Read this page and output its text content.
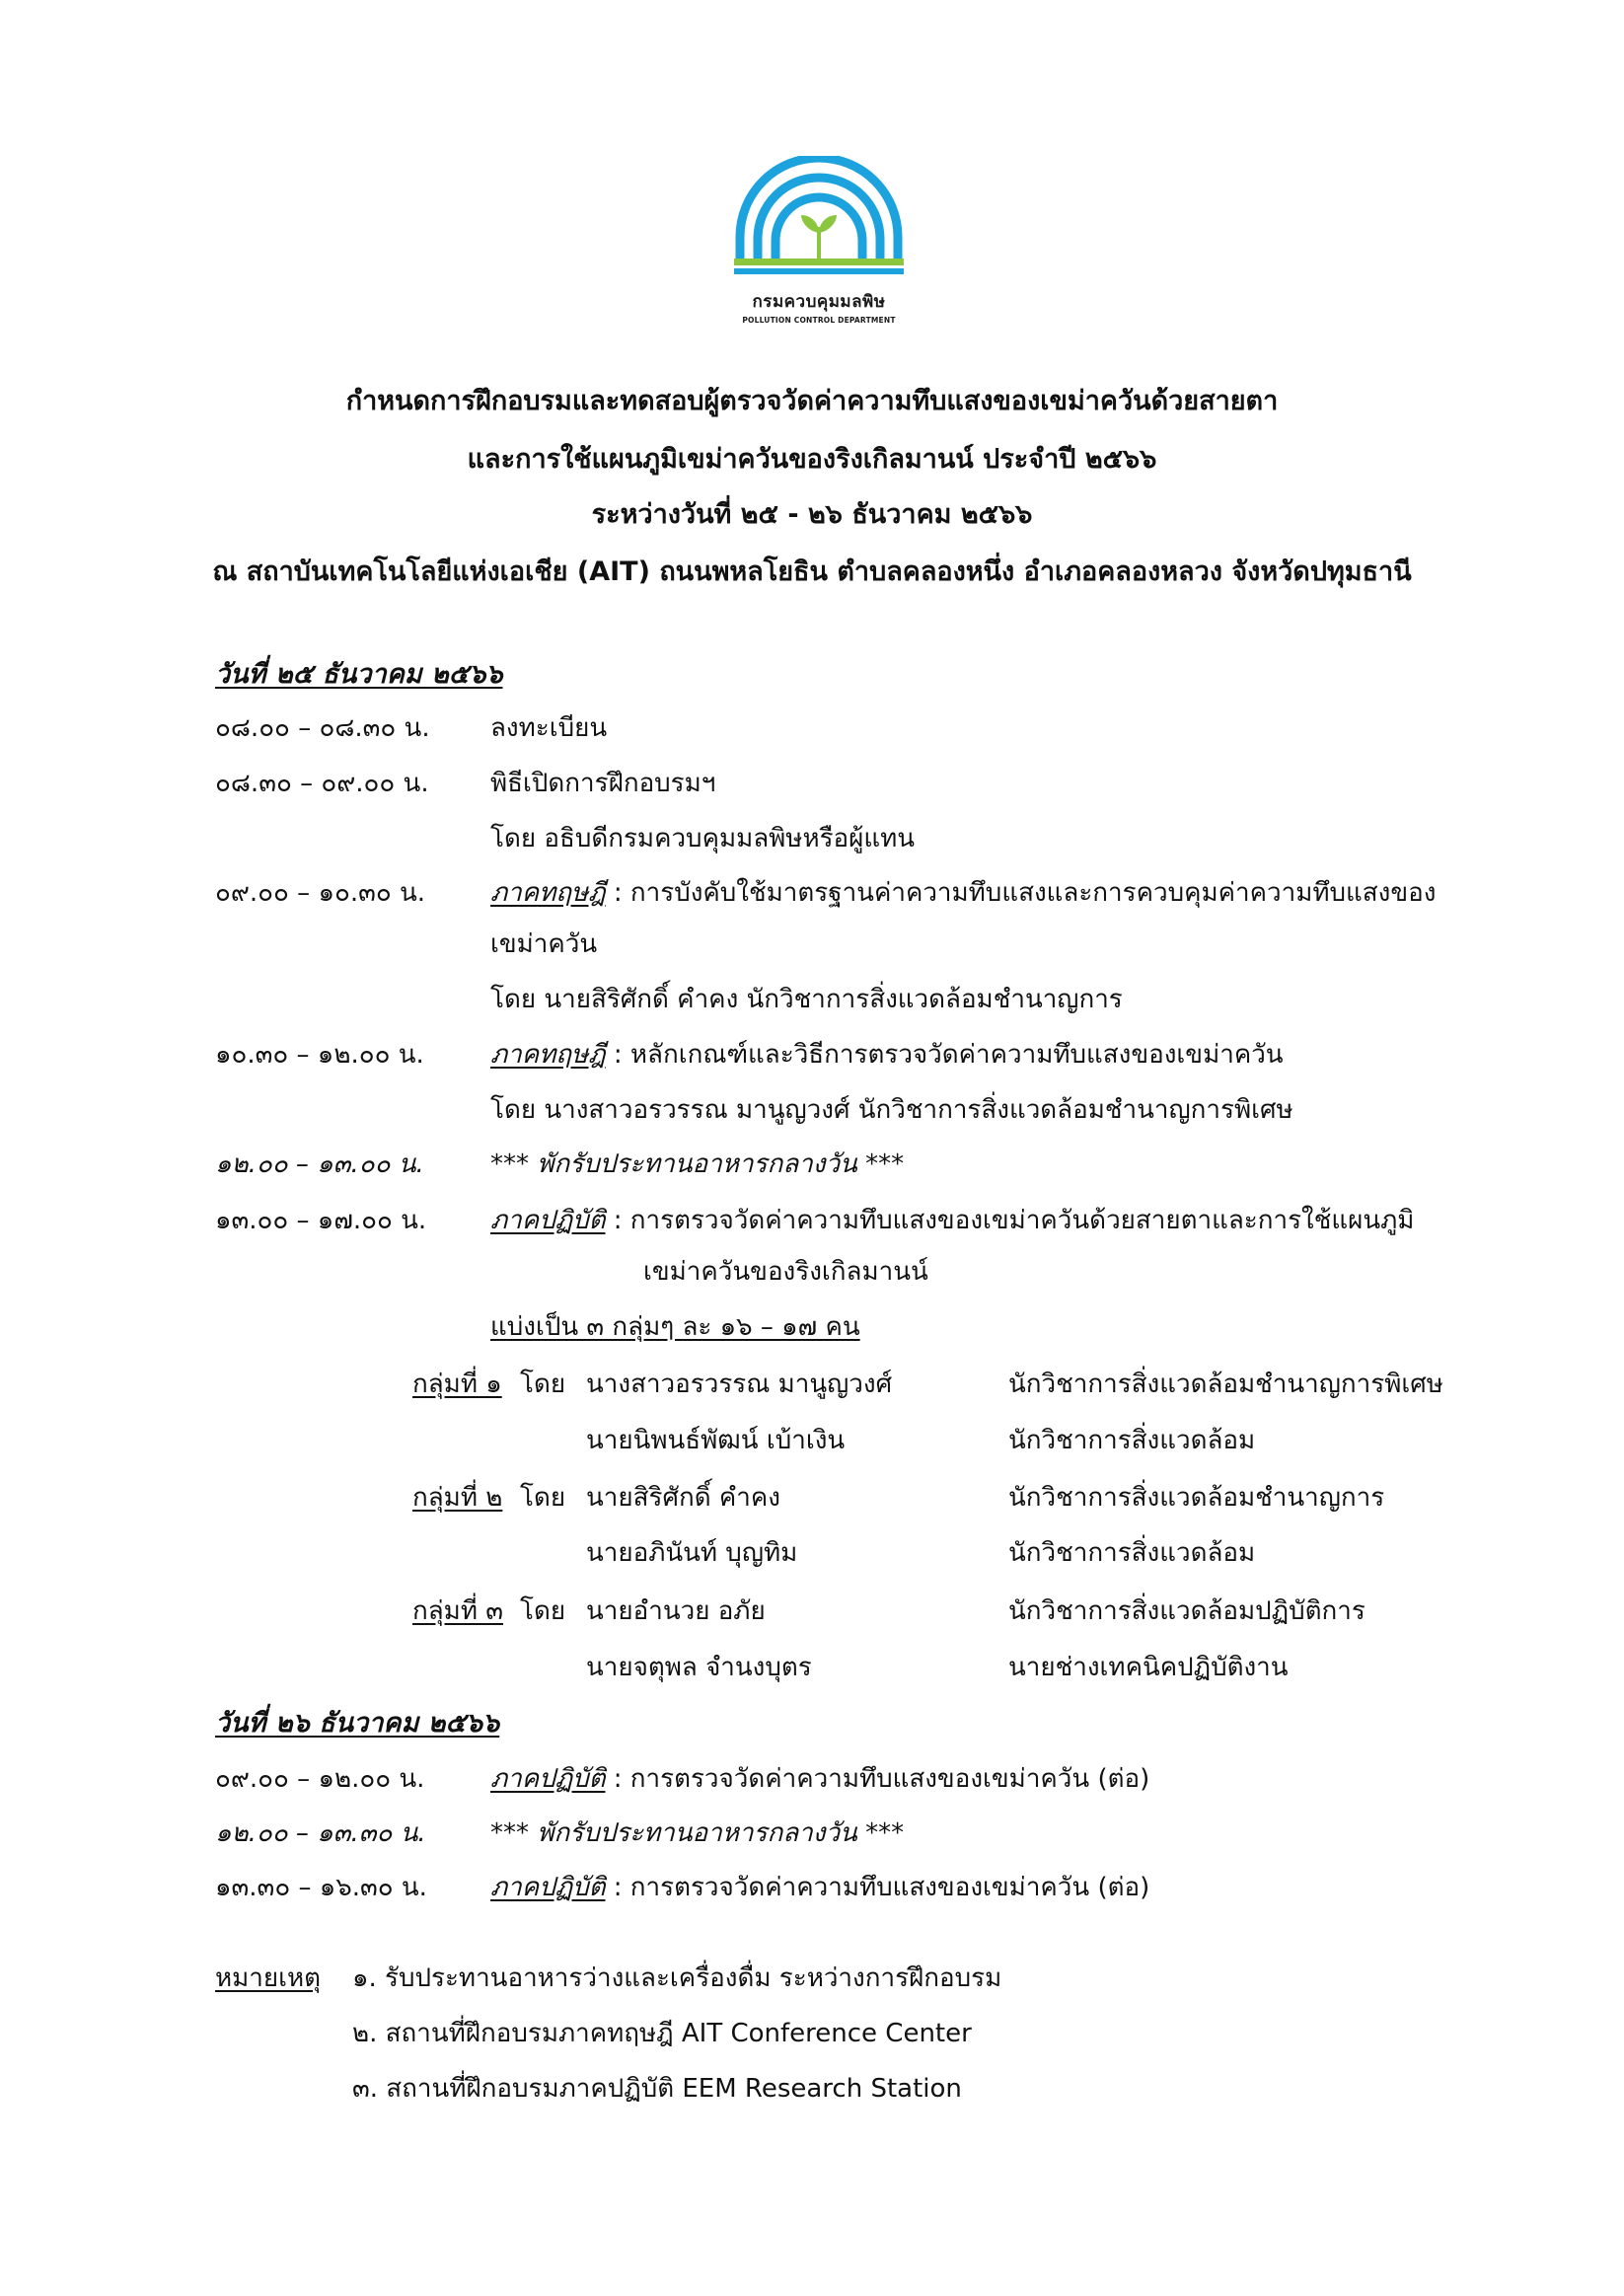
กรมควบคุมมลพิษ
POLLUTION CONTROL DEPARTMENT
กำหนดการฝึกอบรมและทดสอบผู้ตรวจวัดค่าความทึบแสงของเขม่าควันด้วยสายตา
และการใช้แผนภูมิเขม่าควันของริงเกิลมานน์ ประจำปี ๒๕๖๖
ระหว่างวันที่ ๒๕ - ๒๖ ธันวาคม ๒๕๖๖
ณ สถาบันเทคโนโลยีแห่งเอเชีย (AIT) ถนนพหลโยธิน ตำบลคลองหนึ่ง อำเภอคลองหลวง จังหวัดปทุมธานี
วันที่ ๒๕ ธันวาคม ๒๕๖๖
๐๘.๐๐ – ๐๘.๓๐ น. ลงทะเบียน
๐๘.๓๐ – ๐๙.๐๐ น. พิธีเปิดการฝึกอบรมฯ
โดย อธิบดีกรมควบคุมมลพิษหรือผู้แทน
๐๙.๐๐ – ๑๐.๓๐ น.	ภาคทฤษฎี : การบังคับใช้มาตรฐานค่าความทึบแสงและการควบคุมค่าความทึบแสงของ
เขม่าควัน
โดย นายสิริศักดิ์ คำคง นักวิชาการสิ่งแวดล้อมชำนาญการ
๑๐.๓๐ – ๑๒.๐๐ น.	ภาคทฤษฎี : หลักเกณฑ์และวิธีการตรวจวัดค่าความทึบแสงของเขม่าควัน
โดย นางสาวอรวรรณ มานูญวงศ์ นักวิชาการสิ่งแวดล้อมชำนาญการพิเศษ
๑๒.๐๐ – ๑๓.๐๐ น.	*** พักรับประทานอาหารกลางวัน ***
๑๓.๐๐ – ๑๗.๐๐ น. ภาคปฏิบัติ : การตรวจวัดค่าความทึบแสงของเขม่าควันด้วยสายตาและการใช้แผนภูมิ
เขม่าควันของริงเกิลมานน์
แบ่งเป็น ๓ กลุ่มๆ ละ ๑๖ – ๑๗ คน
กลุ่มที่ ๑ โดย นางสาวอรวรรณ มานูญวงศ์	นักวิชาการสิ่งแวดล้อมชำนาญการพิเศษ
นายนิพนธ์พัฒน์ เบ้าเงิน	นักวิชาการสิ่งแวดล้อม
กลุ่มที่ ๒ โดย นายสิริศักดิ์ คำคง	นักวิชาการสิ่งแวดล้อมชำนาญการ
นายอภินันท์ บุญทิม	นักวิชาการสิ่งแวดล้อม
กลุ่มที่ ๓ โดย นายอำนวย อภัย	นักวิชาการสิ่งแวดล้อมปฏิบัติการ
นายจตุพล จำนงบุตร	นายช่างเทคนิคปฏิบัติงาน
วันที่ ๒๖ ธันวาคม ๒๕๖๖
๐๙.๐๐ – ๑๒.๐๐ น.	ภาคปฏิบัติ : การตรวจวัดค่าความทึบแสงของเขม่าควัน (ต่อ)
๑๒.๐๐ – ๑๓.๓๐ น.	*** พักรับประทานอาหารกลางวัน ***
๑๓.๓๐ – ๑๖.๓๐ น. ภาคปฏิบัติ : การตรวจวัดค่าความทึบแสงของเขม่าควัน (ต่อ)
หมายเหตุ ๑. รับประทานอาหารว่างและเครื่องดื่ม ระหว่างการฝึกอบรม
๒. สถานที่ฝึกอบรมภาคทฤษฎี AIT Conference Center
๓. สถานที่ฝึกอบรมภาคปฏิบัติ EEM Research Station
